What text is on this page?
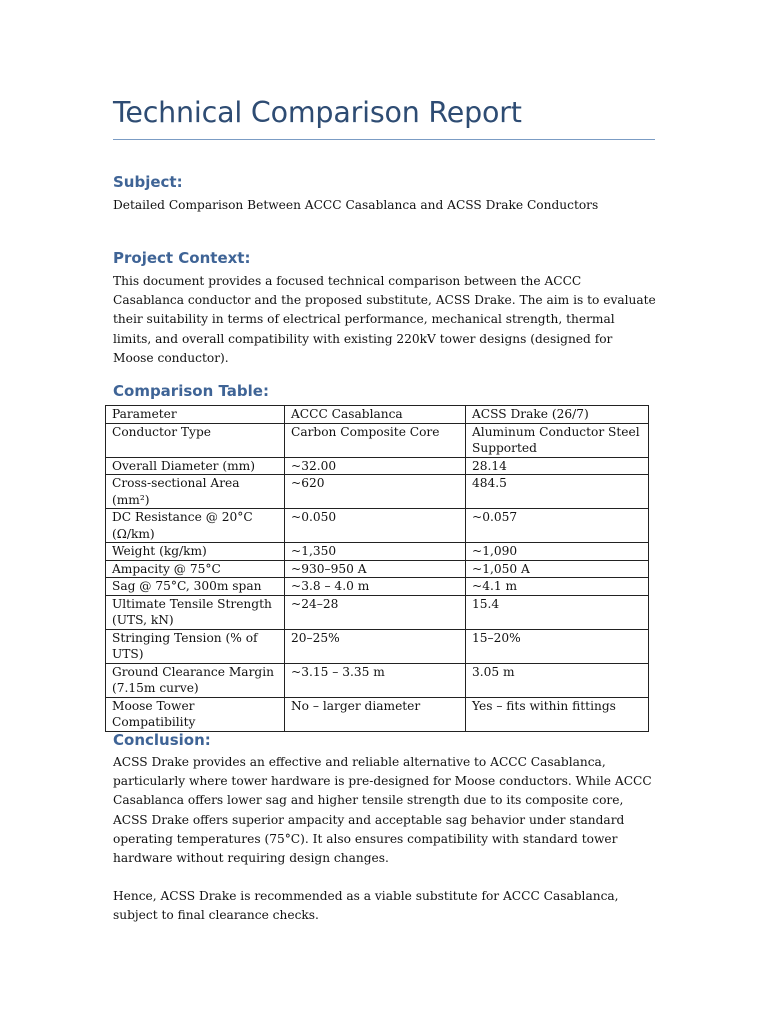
Technical Comparison Report
Subject:

Detailed Comparison Between ACCC Casablanca and ACSS Drake Conductors

Project Context:

This document provides a focused technical comparison between the ACCC Casablanca conductor and the proposed substitute, ACSS Drake. The aim is to evaluate their suitability in terms of electrical performance, mechanical strength, thermal limits, and overall compatibility with existing 220kV tower designs (designed for Moose conductor).

Comparison Table:
Parameter	ACCC Casablanca	ACSS Drake (26/7)
Conductor Type	Carbon Composite Core	Aluminum Conductor Steel Supported
Overall Diameter (mm)	~32.00	28.14
Cross-sectional Area (mm²)	~620	484.5
DC Resistance @ 20°C (Ω/km)	~0.050	~0.057
Weight (kg/km)	~1,350	~1,090
Ampacity @ 75°C	~930–950 A	~1,050 A
Sag @ 75°C, 300m span	~3.8 – 4.0 m	~4.1 m
Ultimate Tensile Strength (UTS, kN)	~24–28	15.4
Stringing Tension (% of UTS)	20–25%	15–20%
Ground Clearance Margin (7.15m curve)	~3.15 – 3.35 m	3.05 m
Moose Tower Compatibility	No – larger diameter	Yes – fits within fittings
Conclusion:

ACSS Drake provides an effective and reliable alternative to ACCC Casablanca, particularly where tower hardware is pre-designed for Moose conductors. While ACCC Casablanca offers lower sag and higher tensile strength due to its composite core, ACSS Drake offers superior ampacity and acceptable sag behavior under standard operating temperatures (75°C). It also ensures compatibility with standard tower hardware without requiring design changes.

Hence, ACSS Drake is recommended as a viable substitute for ACCC Casablanca, subject to final clearance checks.
